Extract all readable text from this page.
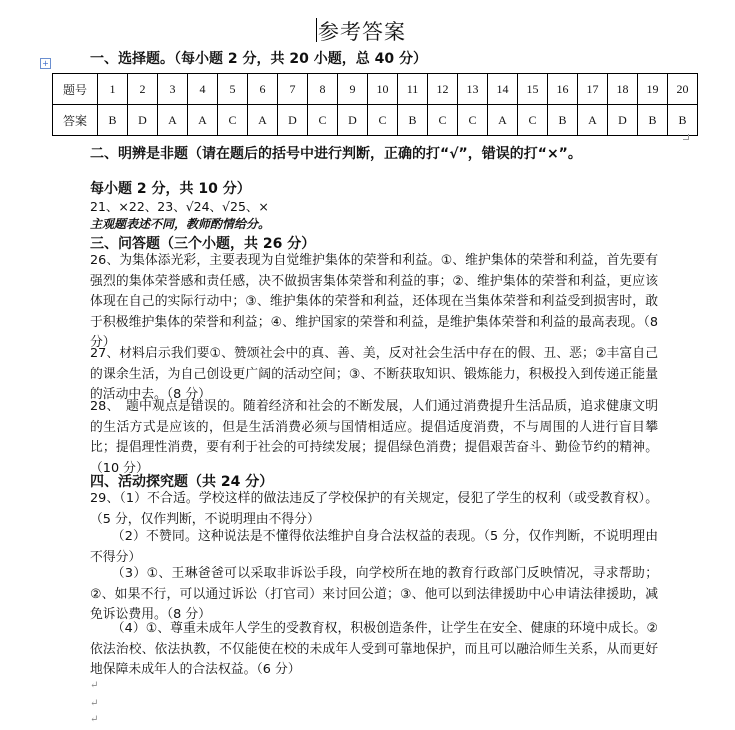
参考答案
+	一、选择题。（每小题 2 分，共 20 小题，总 40 分）
题号	1	2	3	4	5	6	7	8	9	10	11	12	13	14	15	16	17	18	19	20
答案	B	D	A	A	C	A	D	C	D	C	B	C	C	A	C	B	A	D	B	B
二、明辨是非题（请在题后的括号中进行判断，正确的打“√”，错误的打“×”。
每小题 2 分，共 10 分）
21、×22、23、√24、√25、×
主观题表述不同，教师酌情给分。
三、问答题（三个小题，共 26 分）
26、为集体添光彩，主要表现为自觉维护集体的荣誉和利益。①、维护集体的荣誉和利益，首先要有强烈的集体荣誉感和责任感，决不做损害集体荣誉和利益的事；②、维护集体的荣誉和利益，更应该体现在自己的实际行动中；③、维护集体的荣誉和利益，还体现在当集体荣誉和利益受到损害时，敢于积极维护集体的荣誉和利益；④、维护国家的荣誉和利益，是维护集体荣誉和利益的最高表现。（8 分）
27、材料启示我们要①、赞颂社会中的真、善、美，反对社会生活中存在的假、丑、恶；②丰富自己的课余生活，为自己创设更广阔的活动空间；③、不断获取知识、锻炼能力，积极投入到传递正能量的活动中去。（8 分）
28、　题中观点是错误的。随着经济和社会的不断发展，人们通过消费提升生活品质，追求健康文明的生活方式是应该的，但是生活消费必须与国情相适应。提倡适度消费，不与周围的人进行盲目攀比；提倡理性消费，要有利于社会的可持续发展；提倡绿色消费；提倡艰苦奋斗、勤俭节约的精神。（10 分）
四、活动探究题（共 24 分）
29、（1）不合适。学校这样的做法违反了学校保护的有关规定，侵犯了学生的权利（或受教育权）。（5 分，仅作判断，不说明理由不得分）
（2）不赞同。这种说法是不懂得依法维护自身合法权益的表现。（5 分，仅作判断，不说明理由不得分）
（3）①、王琳爸爸可以采取非诉讼手段，向学校所在地的教育行政部门反映情况，寻求帮助；②、如果不行，可以通过诉讼（打官司）来讨回公道；③、他可以到法律援助中心申请法律援助，减免诉讼费用。（8 分）
（4）①、尊重未成年人学生的受教育权，积极创造条件，让学生在安全、健康的环境中成长。②依法治校、依法执教，不仅能使在校的未成年人受到可靠地保护，而且可以融洽师生关系，从而更好地保障未成年人的合法权益。（6 分）
↵
↵
↵
